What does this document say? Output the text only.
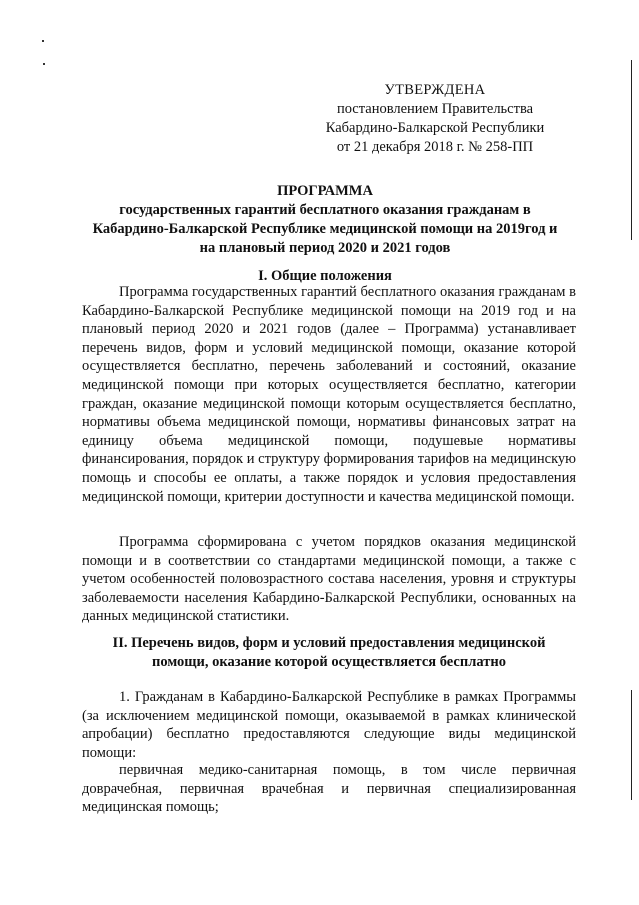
УТВЕРЖДЕНА
постановлением Правительства
Кабардино-Балкарской Республики
от 21 декабря 2018 г. № 258-ПП
ПРОГРАММА
государственных гарантий бесплатного оказания гражданам в
Кабардино-Балкарской Республике медицинской помощи на 2019год и
на плановый период 2020 и 2021 годов
I. Общие положения

Программа государственных гарантий бесплатного оказания гражданам в Кабардино-Балкарской Республике медицинской помощи на 2019 год и на плановый период 2020 и 2021 годов (далее – Программа) устанавливает перечень видов, форм и условий медицинской помощи, оказание которой осуществляется бесплатно, перечень заболеваний и состояний, оказание медицинской помощи при которых осуществляется бесплатно, категории граждан, оказание медицинской помощи которым осуществляется бесплатно, нормативы объема медицинской помощи, нормативы финансовых затрат на единицу объема медицинской помощи, подушевые нормативы финансирования, порядок и структуру формирования тарифов на медицинскую помощь и способы ее оплаты, а также порядок и условия предоставления медицинской помощи, критерии доступности и качества медицинской помощи.

Программа сформирована с учетом порядков оказания медицинской помощи и в соответствии со стандартами медицинской помощи, а также с учетом особенностей половозрастного состава населения, уровня и структуры заболеваемости населения Кабардино-Балкарской Республики, основанных на данных медицинской статистики.

II. Перечень видов, форм и условий предоставления медицинской
помощи, оказание которой осуществляется бесплатно

1. Гражданам в Кабардино-Балкарской Республике в рамках Программы (за исключением медицинской помощи, оказываемой в рамках клинической апробации) бесплатно предоставляются следующие виды медицинской помощи:

первичная медико-санитарная помощь, в том числе первичная доврачебная, первичная врачебная и первичная специализированная медицинская помощь;
